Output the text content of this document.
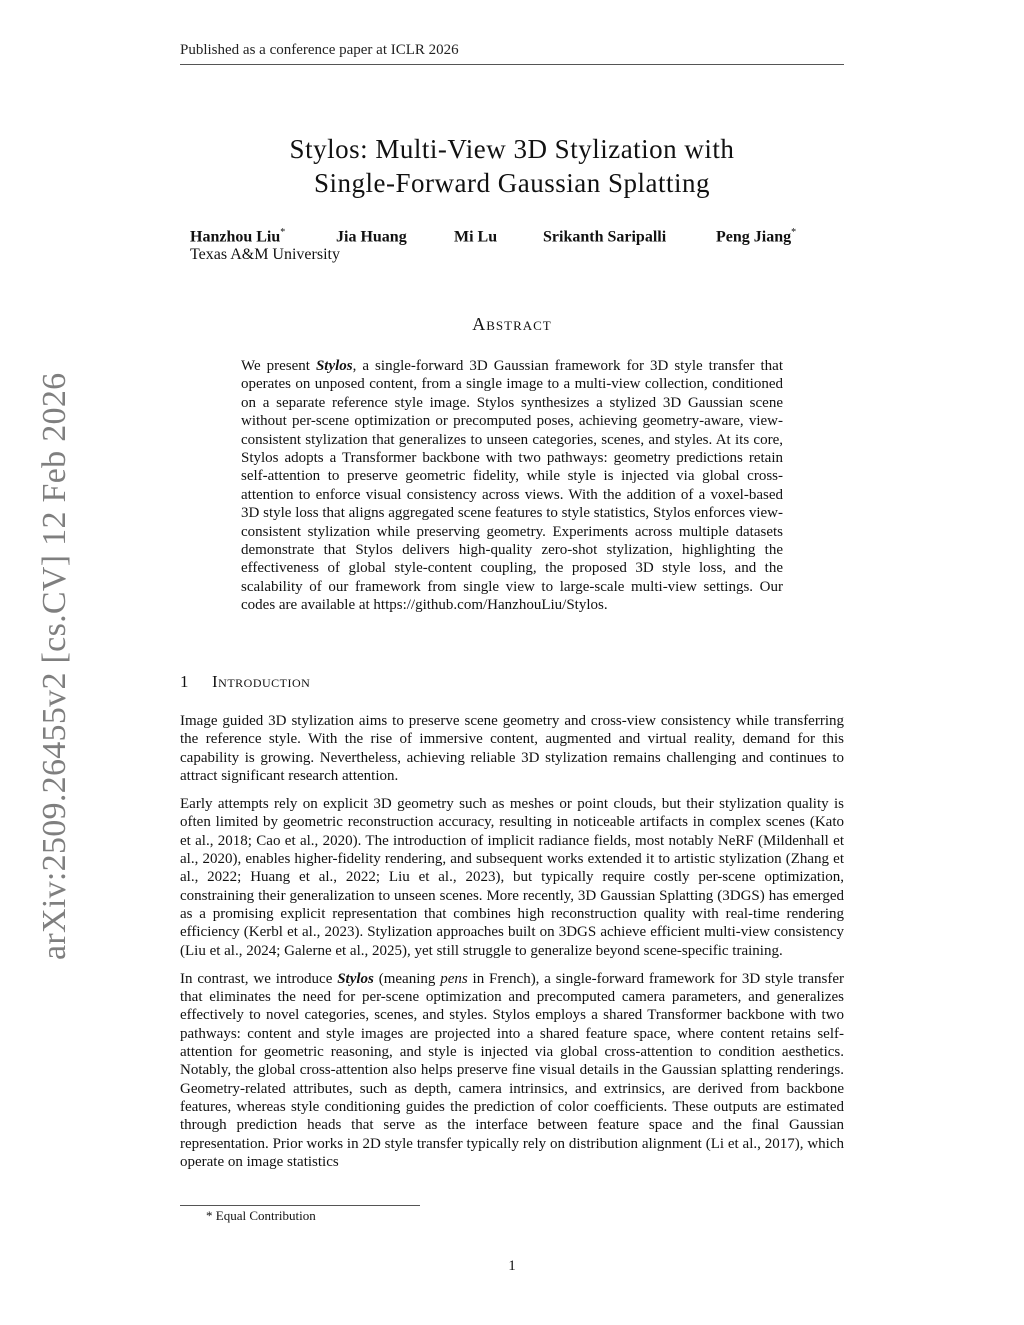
Published as a conference paper at ICLR 2026
arXiv:2509.26455v2 [cs.CV] 12 Feb 2026
Stylos: Multi-View 3D Stylization with
Single-Forward Gaussian Splatting
Hanzhou Liu*	Jia Huang	Mi Lu	Srikanth Saripalli	Peng Jiang*
Texas A&M University
Abstract
We present Stylos, a single-forward 3D Gaussian framework for 3D style transfer that operates on unposed content, from a single image to a multi-view collection, conditioned on a separate reference style image. Stylos synthesizes a stylized 3D Gaussian scene without per-scene optimization or precomputed poses, achieving geometry-aware, view-consistent stylization that generalizes to unseen categories, scenes, and styles. At its core, Stylos adopts a Transformer backbone with two pathways: geometry predictions retain self-attention to preserve geometric fidelity, while style is injected via global cross-attention to enforce visual consistency across views. With the addition of a voxel-based 3D style loss that aligns aggregated scene features to style statistics, Stylos enforces view-consistent stylization while preserving geometry. Experiments across multiple datasets demonstrate that Stylos delivers high-quality zero-shot stylization, highlighting the effectiveness of global style-content coupling, the proposed 3D style loss, and the scalability of our framework from single view to large-scale multi-view settings. Our codes are available at https://github.com/HanzhouLiu/Stylos.
1 Introduction

Image guided 3D stylization aims to preserve scene geometry and cross-view consistency while transferring the reference style. With the rise of immersive content, augmented and virtual reality, demand for this capability is growing. Nevertheless, achieving reliable 3D stylization remains challenging and continues to attract significant research attention.

Early attempts rely on explicit 3D geometry such as meshes or point clouds, but their stylization quality is often limited by geometric reconstruction accuracy, resulting in noticeable artifacts in complex scenes (Kato et al., 2018; Cao et al., 2020). The introduction of implicit radiance fields, most notably NeRF (Mildenhall et al., 2020), enables higher-fidelity rendering, and subsequent works extended it to artistic stylization (Zhang et al., 2022; Huang et al., 2022; Liu et al., 2023), but typically require costly per-scene optimization, constraining their generalization to unseen scenes. More recently, 3D Gaussian Splatting (3DGS) has emerged as a promising explicit representation that combines high reconstruction quality with real-time rendering efficiency (Kerbl et al., 2023). Stylization approaches built on 3DGS achieve efficient multi-view consistency (Liu et al., 2024; Galerne et al., 2025), yet still struggle to generalize beyond scene-specific training.

In contrast, we introduce Stylos (meaning pens in French), a single-forward framework for 3D style transfer that eliminates the need for per-scene optimization and precomputed camera parameters, and generalizes effectively to novel categories, scenes, and styles. Stylos employs a shared Transformer backbone with two pathways: content and style images are projected into a shared feature space, where content retains self-attention for geometric reasoning, and style is injected via global cross-attention to condition aesthetics. Notably, the global cross-attention also helps preserve fine visual details in the Gaussian splatting renderings. Geometry-related attributes, such as depth, camera intrinsics, and extrinsics, are derived from backbone features, whereas style conditioning guides the prediction of color coefficients. These outputs are estimated through prediction heads that serve as the interface between feature space and the final Gaussian representation. Prior works in 2D style transfer typically rely on distribution alignment (Li et al., 2017), which operate on image statistics

* Equal Contribution
1
